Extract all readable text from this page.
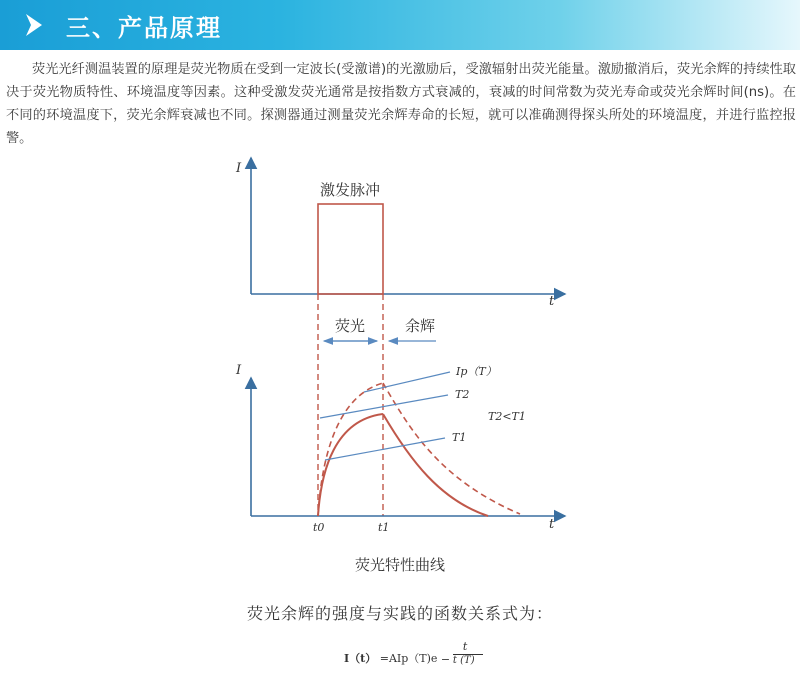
三、产品原理

荧光光纤测温装置的原理是荧光物质在受到一定波长(受激谱)的光激励后，受激辐射出荧光能量。激励撤消后，荧光余辉的持续性取决于荧光物质特性、环境温度等因素。这种受激发荧光通常是按指数方式衰减的，衰减的时间常数为荧光寿命或荧光余辉时间(ns)。在不同的环境温度下，荧光余辉衰减也不同。探测器通过测量荧光余辉寿命的长短，就可以准确测得探头所处的环境温度，并进行监控报警。

I
t
激发脉冲
荧光	余辉
I
t
t0	t1
Ip（T）
T2
T1
T2<T1
荧光特性曲线
荧光余辉的强度与实践的函数关系式为：
I（t） =AIp（T)e −
t
t (T)
